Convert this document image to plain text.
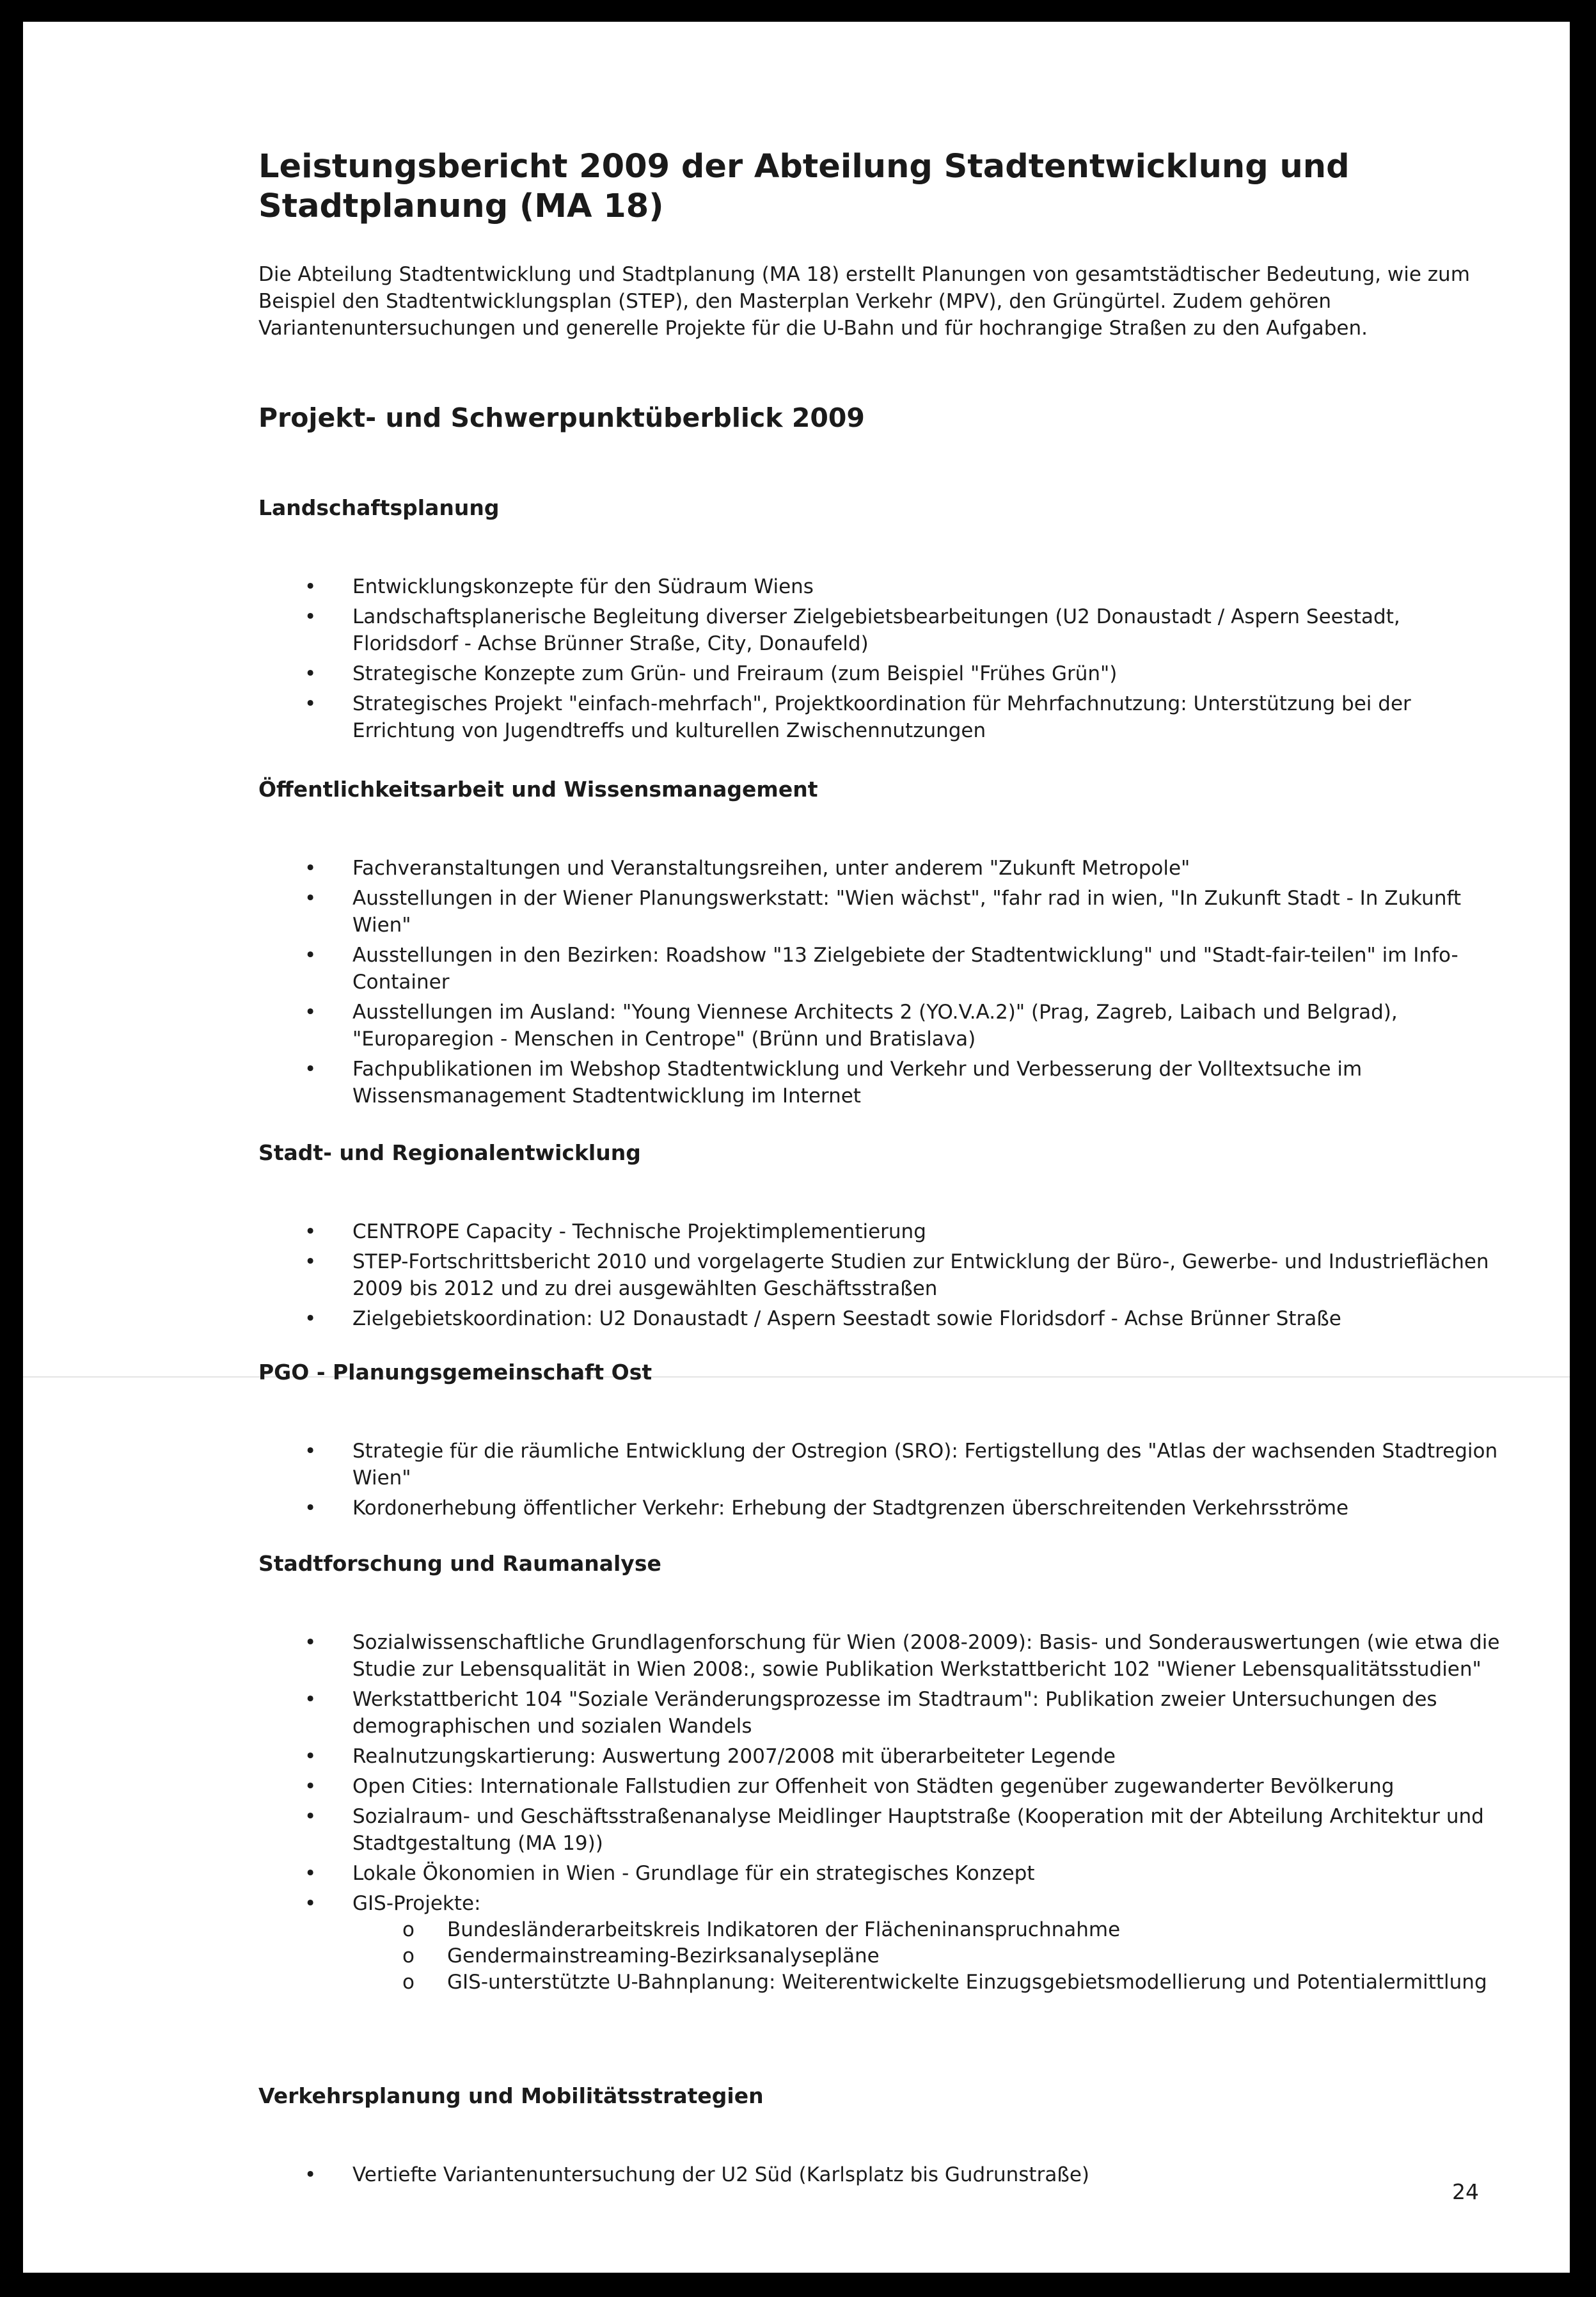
Leistungsbericht 2009 der Abteilung Stadtentwicklung und Stadtplanung (MA 18)

Die Abteilung Stadtentwicklung und Stadtplanung (MA 18) erstellt Planungen von gesamtstädtischer Bedeutung, wie zum Beispiel den Stadtentwicklungsplan (STEP), den Masterplan Verkehr (MPV), den Grüngürtel. Zudem gehören Variantenuntersuchungen und generelle Projekte für die U-Bahn und für hochrangige Straßen zu den Aufgaben.

Projekt- und Schwerpunktüberblick 2009
Landschaftsplanung
• Entwicklungskonzepte für den Südraum Wiens
• Landschaftsplanerische Begleitung diverser Zielgebietsbearbeitungen (U2 Donaustadt / Aspern Seestadt, Floridsdorf - Achse Brünner Straße, City, Donaufeld)
• Strategische Konzepte zum Grün- und Freiraum (zum Beispiel "Frühes Grün")
• Strategisches Projekt "einfach-mehrfach", Projektkoordination für Mehrfachnutzung: Unterstützung bei der Errichtung von Jugendtreffs und kulturellen Zwischennutzungen
Öffentlichkeitsarbeit und Wissensmanagement
• Fachveranstaltungen und Veranstaltungsreihen, unter anderem "Zukunft Metropole"
• Ausstellungen in der Wiener Planungswerkstatt: "Wien wächst", "fahr rad in wien, "In Zukunft Stadt - In Zukunft Wien"
• Ausstellungen in den Bezirken: Roadshow "13 Zielgebiete der Stadtentwicklung" und "Stadt-fair-teilen" im Info-Container
• Ausstellungen im Ausland: "Young Viennese Architects 2 (YO.V.A.2)" (Prag, Zagreb, Laibach und Belgrad), "Europaregion - Menschen in Centrope" (Brünn und Bratislava)
• Fachpublikationen im Webshop Stadtentwicklung und Verkehr und Verbesserung der Volltextsuche im Wissensmanagement Stadtentwicklung im Internet
Stadt- und Regionalentwicklung
• CENTROPE Capacity - Technische Projektimplementierung
• STEP-Fortschrittsbericht 2010 und vorgelagerte Studien zur Entwicklung der Büro-, Gewerbe- und Industrieflächen 2009 bis 2012 und zu drei ausgewählten Geschäftsstraßen
• Zielgebietskoordination: U2 Donaustadt / Aspern Seestadt sowie Floridsdorf - Achse Brünner Straße
PGO - Planungsgemeinschaft Ost
• Strategie für die räumliche Entwicklung der Ostregion (SRO): Fertigstellung des "Atlas der wachsenden Stadtregion Wien"
• Kordonerhebung öffentlicher Verkehr: Erhebung der Stadtgrenzen überschreitenden Verkehrsströme
Stadtforschung und Raumanalyse
• Sozialwissenschaftliche Grundlagenforschung für Wien (2008-2009): Basis- und Sonderauswertungen (wie etwa die Studie zur Lebensqualität in Wien 2008:, sowie Publikation Werkstattbericht 102 "Wiener Lebensqualitätsstudien"
• Werkstattbericht 104 "Soziale Veränderungsprozesse im Stadtraum": Publikation zweier Untersuchungen des demographischen und sozialen Wandels
• Realnutzungskartierung: Auswertung 2007/2008 mit überarbeiteter Legende
• Open Cities: Internationale Fallstudien zur Offenheit von Städten gegenüber zugewanderter Bevölkerung
• Sozialraum- und Geschäftsstraßenanalyse Meidlinger Hauptstraße (Kooperation mit der Abteilung Architektur und Stadtgestaltung (MA 19))
• Lokale Ökonomien in Wien - Grundlage für ein strategisches Konzept
• GIS-Projekte:
o Bundesländerarbeitskreis Indikatoren der Flächeninanspruchnahme
o Gendermainstreaming-Bezirksanalysepläne
o GIS-unterstützte U-Bahnplanung: Weiterentwickelte Einzugsgebietsmodellierung und Potentialermittlung
Verkehrsplanung und Mobilitätsstrategien
• Vertiefte Variantenuntersuchung der U2 Süd (Karlsplatz bis Gudrunstraße)
24
